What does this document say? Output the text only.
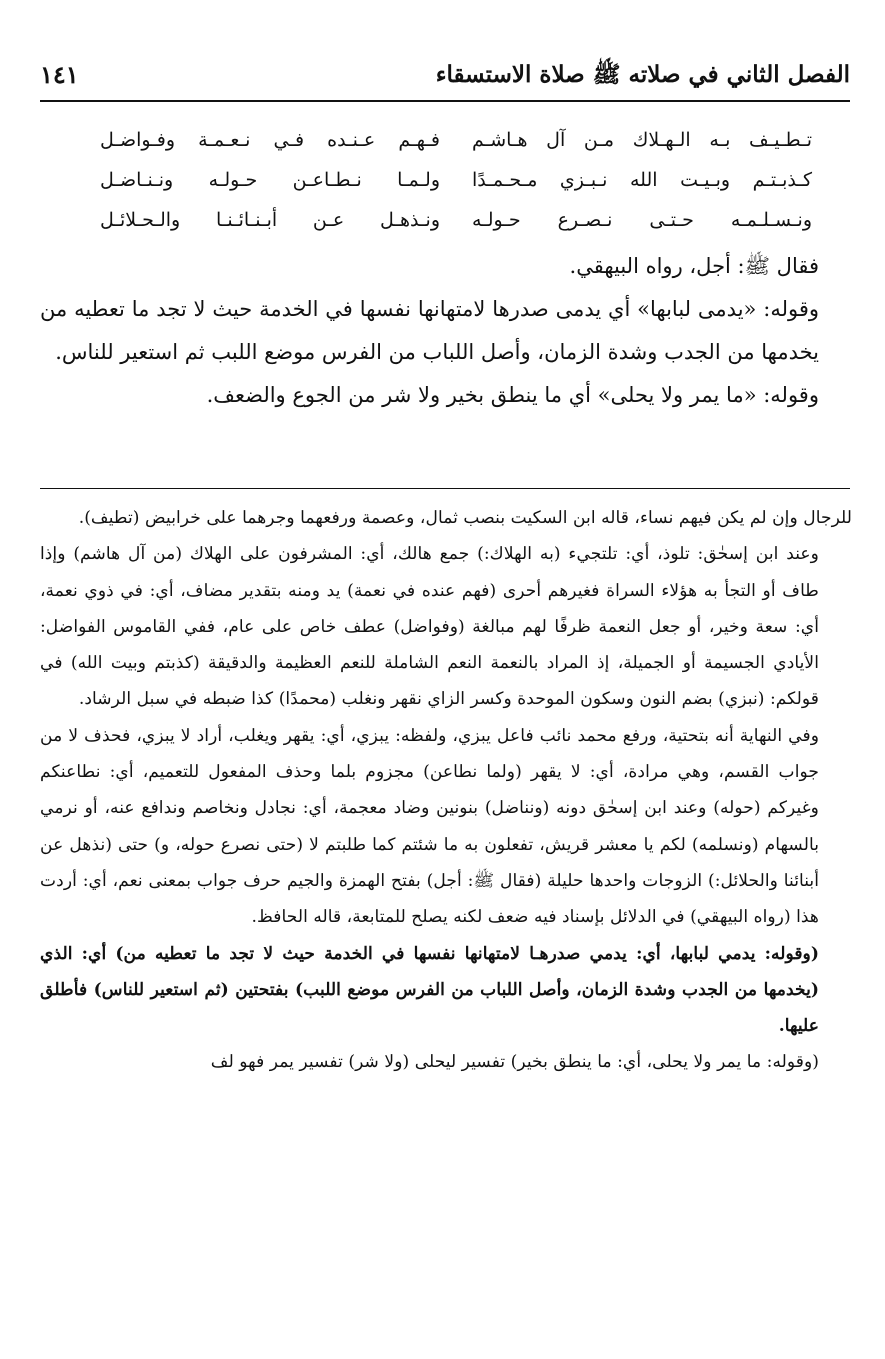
الفصل الثاني في صلاته ﷺ صلاة الاستسقاء
١٤١
تـطـيـف بـه الـهـلاك مـن آل هـاشـم
فـهـم عـنـده فـي نـعـمـة وفـواضـل
كـذبـتـم وبـيـت الله نـبـزي مـحـمـدًا
ولـمـا نـطـاعـن حـولـه ونـنـاضـل
ونـسـلـمـه حـتـى نـصـرع حـولـه
ونـذهـل عـن أبـنـائـنـا والـحـلائـل

فقال ﷺ: أجل، رواه البيهقي.

وقوله: «يدمى لبابها» أي يدمى صدرها لامتهانها نفسها في الخدمة حيث لا تجد ما تعطيه من يخدمها من الجدب وشدة الزمان، وأصل اللباب من الفرس موضع اللبب ثم استعير للناس.

وقوله: «ما يمر ولا يحلى» أي ما ينطق بخير ولا شر من الجوع والضعف.

للرجال وإن لم يكن فيهم نساء، قاله ابن السكيت بنصب ثمال، وعصمة ورفعهما وجرهما على خرابيض (تطيف).

وعند ابن إسحٰق: تلوذ، أي: تلتجيء (به الهلاك:) جمع هالك، أي: المشرفون على الهلاك (من آل هاشم) وإذا طاف أو التجأ به هؤلاء السراة فغيرهم أحرى (فهم عنده في نعمة) يد ومنه بتقدير مضاف، أي: في ذوي نعمة، أي: سعة وخير، أو جعل النعمة ظرفًا لهم مبالغة (وفواضل) عطف خاص على عام، ففي القاموس الفواضل: الأيادي الجسيمة أو الجميلة، إذ المراد بالنعمة النعم الشاملة للنعم العظيمة والدقيقة (كذبتم وبيت الله) في قولكم: (نبزي) بضم النون وسكون الموحدة وكسر الزاي نقهر ونغلب (محمدًا) كذا ضبطه في سبل الرشاد.

وفي النهاية أنه بتحتية، ورفع محمد نائب فاعل يبزي، ولفظه: يبزي، أي: يقهر ويغلب، أراد لا يبزي، فحذف لا من جواب القسم، وهي مرادة، أي: لا يقهر (ولما نطاعن) مجزوم بلما وحذف المفعول للتعميم، أي: نطاعنكم وغيركم (حوله) وعند ابن إسحٰق دونه (ونناضل) بنونين وضاد معجمة، أي: نجادل ونخاصم وندافع عنه، أو نرمي بالسهام (ونسلمه) لكم يا معشر قريش، تفعلون به ما شئتم كما طلبتم لا (حتى نصرع حوله، و) حتى (نذهل عن أبنائنا والحلائل:) الزوجات واحدها حليلة (فقال ﷺ: أجل) بفتح الهمزة والجيم حرف جواب بمعنى نعم، أي: أردت هذا (رواه البيهقي) في الدلائل بإسناد فيه ضعف لكنه يصلح للمتابعة، قاله الحافظ.

(وقوله: يدمي لبابها، أي: يدمي صدرهـا لامتهانها نفسها في الخدمة حيث لا تجد ما تعطيه من) أي: الذي (يخدمها من الجدب وشدة الزمان، وأصل اللباب من الفرس موضع اللبب) بفتحتين (ثم استعير للناس) فأطلق عليها.

(وقوله: ما يمر ولا يحلى، أي: ما ينطق بخير) تفسير ليحلى (ولا شر) تفسير يمر فهو لف
